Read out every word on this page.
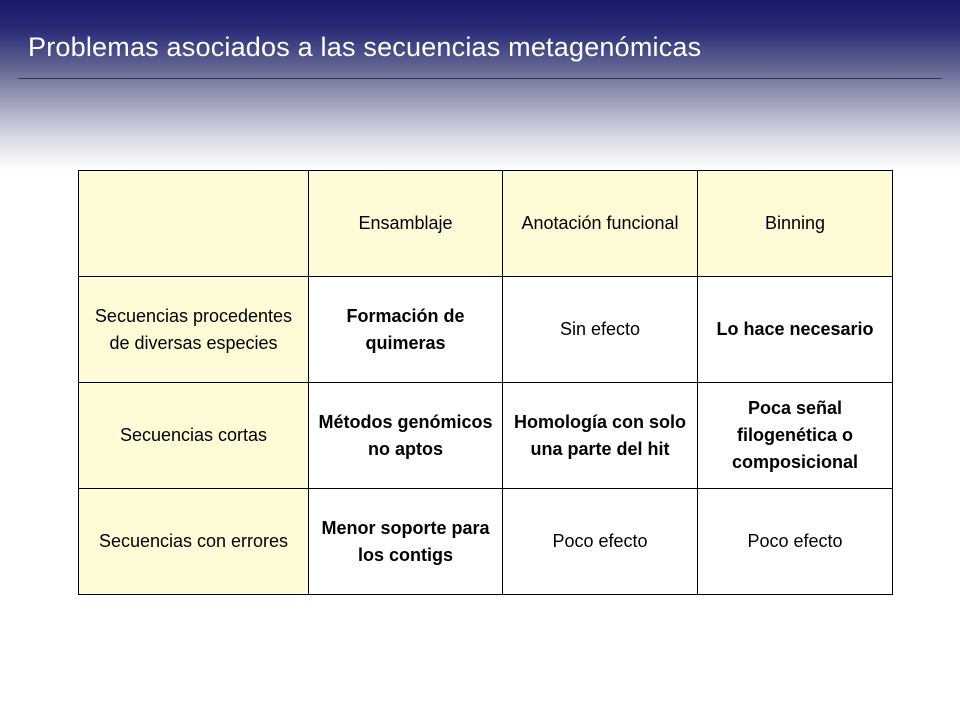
Problemas asociados a las secuencias metagenómicas
	Ensamblaje	Anotación funcional	Binning
Secuencias procedentes de diversas especies	Formación de quimeras	Sin efecto	Lo hace necesario
Secuencias cortas	Métodos genómicos no aptos	Homología con solo una parte del hit	Poca señal filogenética o composicional
Secuencias con errores	Menor soporte para los contigs	Poco efecto	Poco efecto
